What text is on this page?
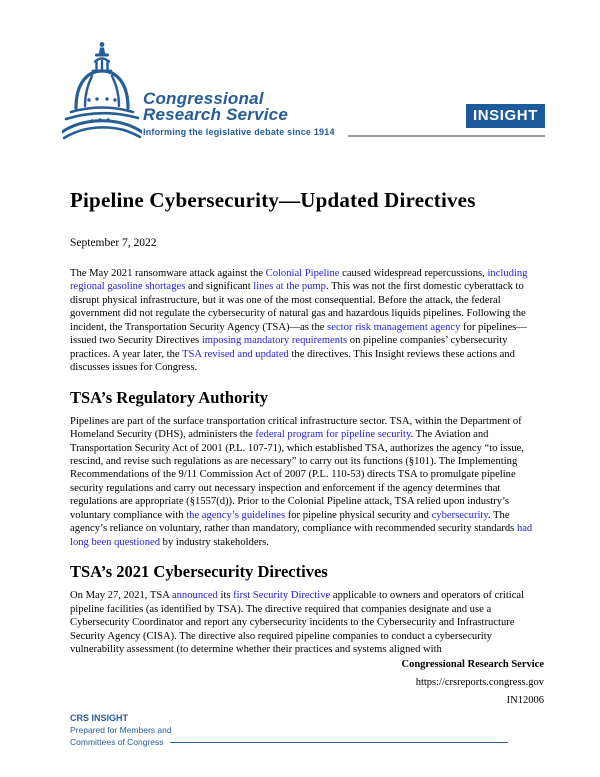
Congressional
Research Service
Informing the legislative debate since 1914
INSIGHT
Pipeline Cybersecurity—Updated Directives
September 7, 2022

The May 2021 ransomware attack against the Colonial Pipeline caused widespread repercussions, including regional gasoline shortages and significant lines at the pump. This was not the first domestic cyberattack to disrupt physical infrastructure, but it was one of the most consequential. Before the attack, the federal government did not regulate the cybersecurity of natural gas and hazardous liquids pipelines. Following the incident, the Transportation Security Agency (TSA)—as the sector risk management agency for pipelines—issued two Security Directives imposing mandatory requirements on pipeline companies’ cybersecurity practices. A year later, the TSA revised and updated the directives. This Insight reviews these actions and discusses issues for Congress.

TSA’s Regulatory Authority

Pipelines are part of the surface transportation critical infrastructure sector. TSA, within the Department of Homeland Security (DHS), administers the federal program for pipeline security. The Aviation and Transportation Security Act of 2001 (P.L. 107-71), which established TSA, authorizes the agency “to issue, rescind, and revise such regulations as are necessary” to carry out its functions (§101). The Implementing Recommendations of the 9/11 Commission Act of 2007 (P.L. 110-53) directs TSA to promulgate pipeline security regulations and carry out necessary inspection and enforcement if the agency determines that regulations are appropriate (§1557(d)). Prior to the Colonial Pipeline attack, TSA relied upon industry’s voluntary compliance with the agency’s guidelines for pipeline physical security and cybersecurity. The agency’s reliance on voluntary, rather than mandatory, compliance with recommended security standards had long been questioned by industry stakeholders.

TSA’s 2021 Cybersecurity Directives

On May 27, 2021, TSA announced its first Security Directive applicable to owners and operators of critical pipeline facilities (as identified by TSA). The directive required that companies designate and use a Cybersecurity Coordinator and report any cybersecurity incidents to the Cybersecurity and Infrastructure Security Agency (CISA). The directive also required pipeline companies to conduct a cybersecurity vulnerability assessment (to determine whether their practices and systems aligned with

Congressional Research Service
https://crsreports.congress.gov
IN12006
CRS INSIGHT
Prepared for Members and
Committees of Congress
